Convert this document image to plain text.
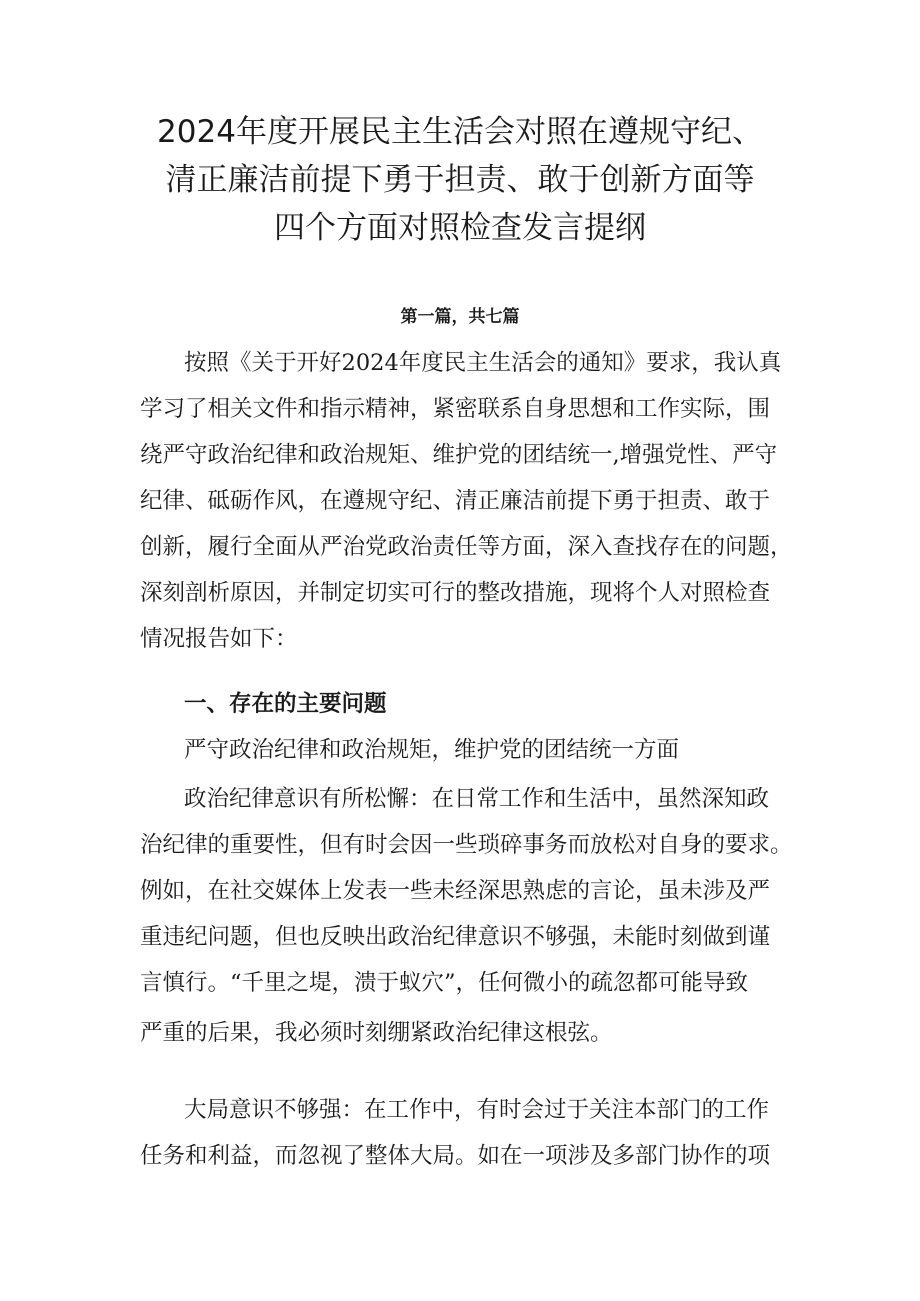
2024年度开展民主生活会对照在遵规守纪、
清正廉洁前提下勇于担责、敢于创新方面等
四个方面对照检查发言提纲

第一篇，共七篇

按照《关于开好2024年度民主生活会的通知》要求，我认真

学习了相关文件和指示精神，紧密联系自身思想和工作实际，围

绕严守政治纪律和政治规矩、维护党的团结统一,增强党性、严守

纪律、砥砺作风，在遵规守纪、清正廉洁前提下勇于担责、敢于

创新，履行全面从严治党政治责任等方面，深入查找存在的问题，

深刻剖析原因，并制定切实可行的整改措施，现将个人对照检查

情况报告如下：

一、存在的主要问题

严守政治纪律和政治规矩，维护党的团结统一方面

政治纪律意识有所松懈：在日常工作和生活中，虽然深知政

治纪律的重要性，但有时会因一些琐碎事务而放松对自身的要求。

例如，在社交媒体上发表一些未经深思熟虑的言论，虽未涉及严

重违纪问题，但也反映出政治纪律意识不够强，未能时刻做到谨

言慎行。“千里之堤，溃于蚁穴”，任何微小的疏忽都可能导致

严重的后果，我必须时刻绷紧政治纪律这根弦。

大局意识不够强：在工作中，有时会过于关注本部门的工作

任务和利益，而忽视了整体大局。如在一项涉及多部门协作的项
